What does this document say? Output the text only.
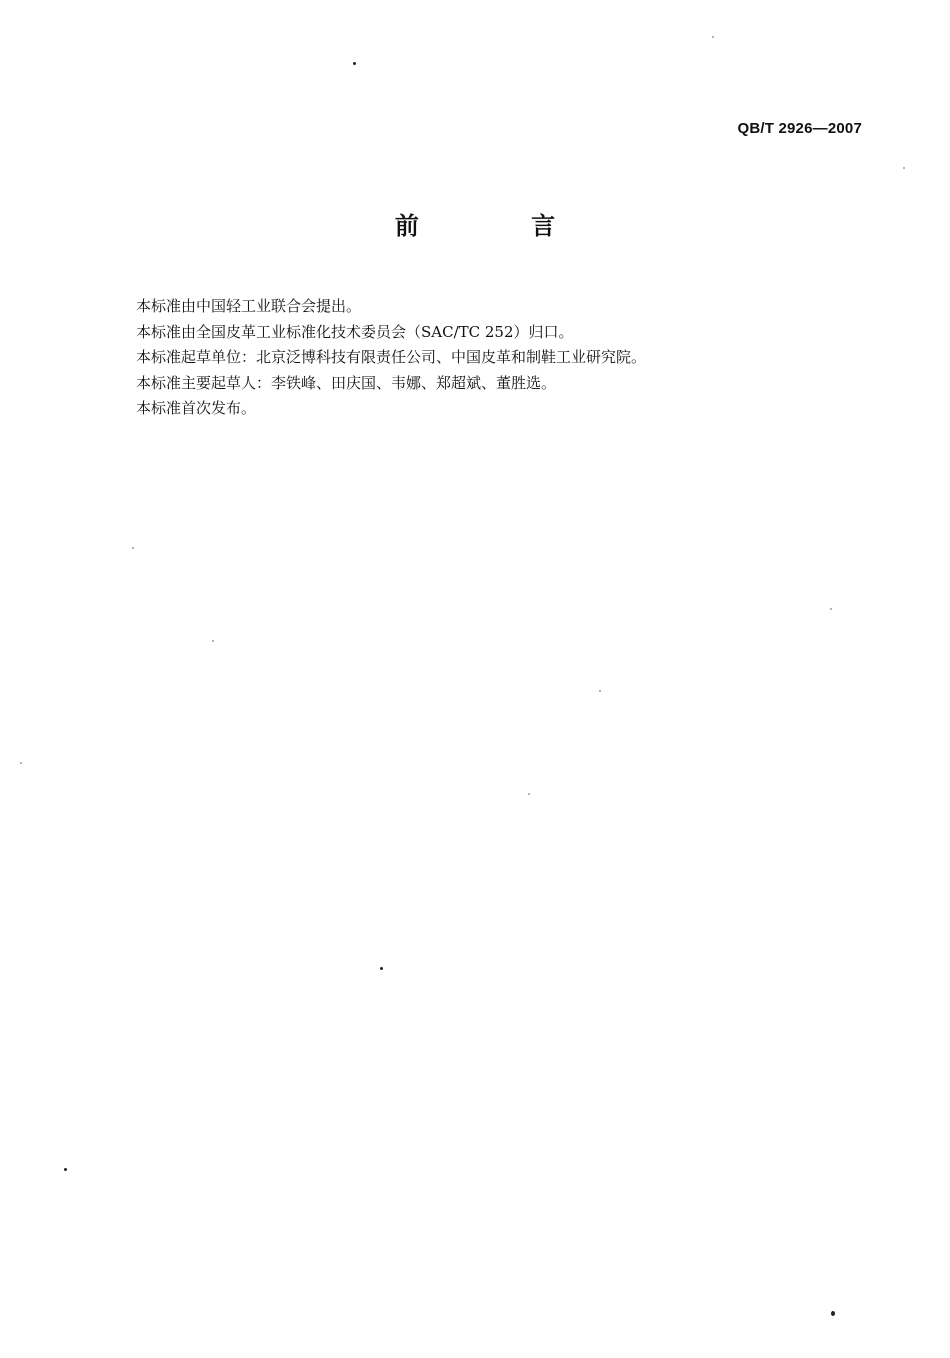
QB/T 2926—2007
前 言
本标准由中国轻工业联合会提出。
本标准由全国皮革工业标准化技术委员会（SAC/TC 252）归口。
本标准起草单位：北京泛博科技有限责任公司、中国皮革和制鞋工业研究院。
本标准主要起草人：李铁峰、田庆国、韦娜、郑超斌、董胜选。
本标准首次发布。
